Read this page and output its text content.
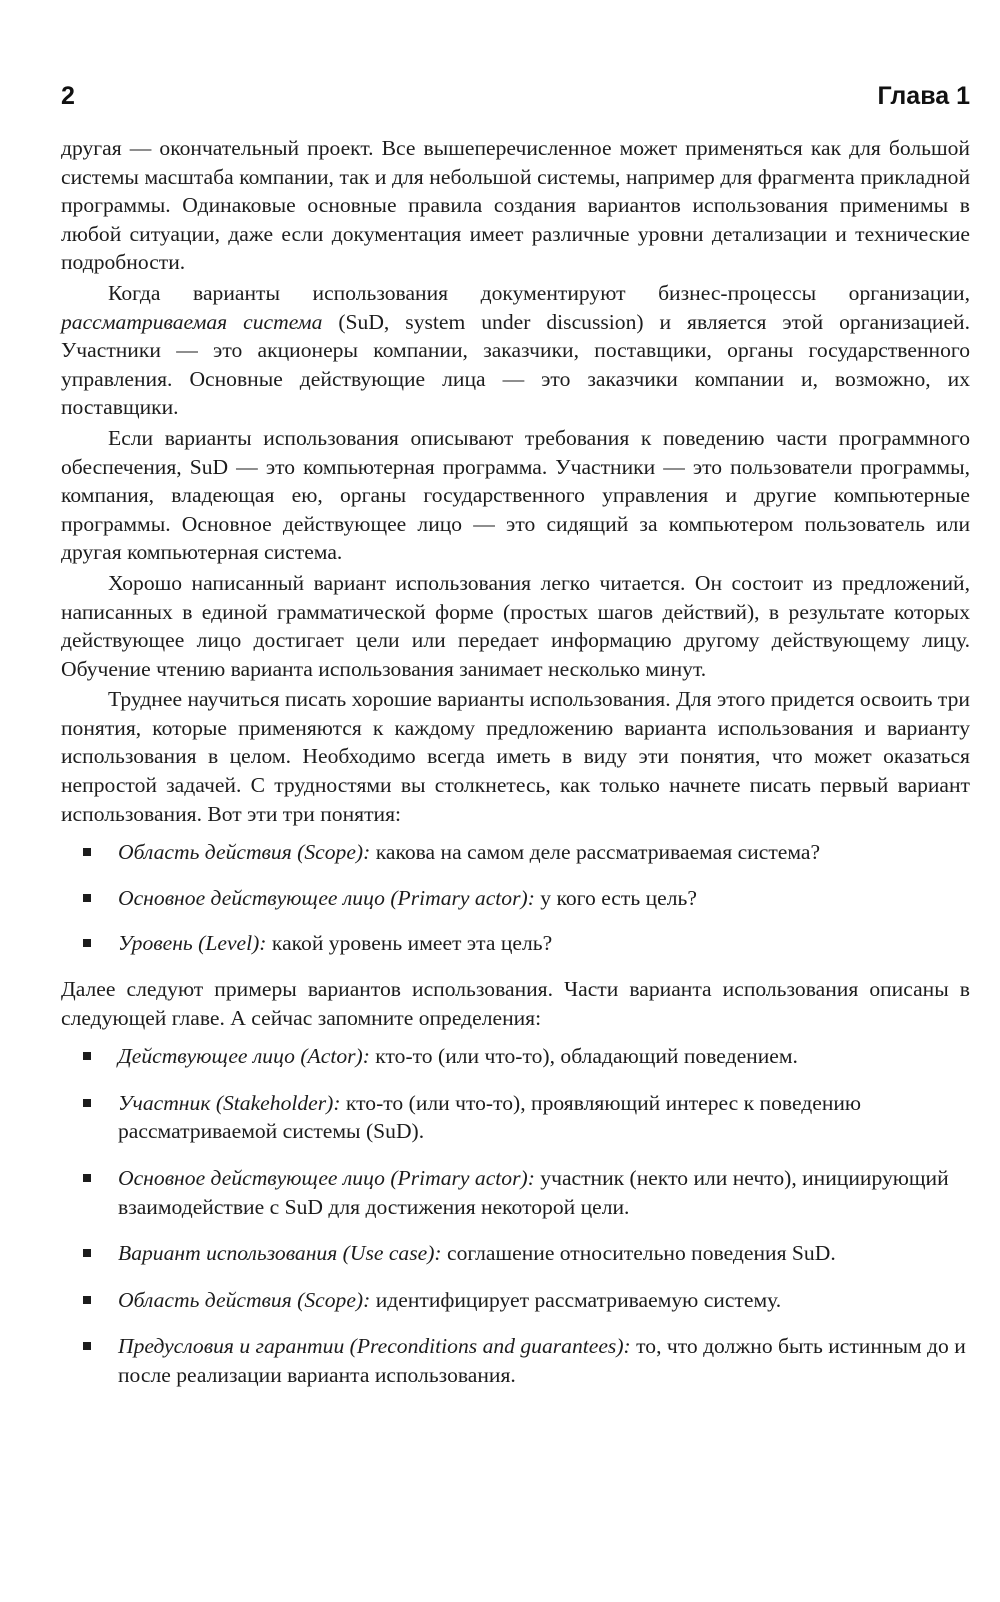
2	Глава 1

другая — окончательный проект. Все вышеперечисленное может применяться как для большой системы масштаба компании, так и для небольшой системы, например для фрагмента прикладной программы. Одинаковые основные правила создания вариантов использования применимы в любой ситуации, даже если документация имеет различные уровни детализации и технические подробности.

Когда варианты использования документируют бизнес-процессы организации, рассматриваемая система (SuD, system under discussion) и является этой организацией. Участники — это акционеры компании, заказчики, поставщики, органы государственного управления. Основные действующие лица — это заказчики компании и, возможно, их поставщики.

Если варианты использования описывают требования к поведению части программного обеспечения, SuD — это компьютерная программа. Участники — это пользователи программы, компания, владеющая ею, органы государственного управления и другие компьютерные программы. Основное действующее лицо — это сидящий за компьютером пользователь или другая компьютерная система.

Хорошо написанный вариант использования легко читается. Он состоит из предложений, написанных в единой грамматической форме (простых шагов действий), в результате которых действующее лицо достигает цели или передает информацию другому действующему лицу. Обучение чтению варианта использования занимает несколько минут.

Труднее научиться писать хорошие варианты использования. Для этого придется освоить три понятия, которые применяются к каждому предложению варианта использования и варианту использования в целом. Необходимо всегда иметь в виду эти понятия, что может оказаться непростой задачей. С трудностями вы столкнетесь, как только начнете писать первый вариант использования. Вот эти три понятия:

Область действия (Scope): какова на самом деле рассматриваемая система?
Основное действующее лицо (Primary actor): у кого есть цель?
Уровень (Level): какой уровень имеет эта цель?

Далее следуют примеры вариантов использования. Части варианта использования описаны в следующей главе. А сейчас запомните определения:

Действующее лицо (Actor): кто-то (или что-то), обладающий поведением.
Участник (Stakeholder): кто-то (или что-то), проявляющий интерес к поведению рассматриваемой системы (SuD).
Основное действующее лицо (Primary actor): участник (некто или нечто), инициирующий взаимодействие с SuD для достижения некоторой цели.
Вариант использования (Use case): соглашение относительно поведения SuD.
Область действия (Scope): идентифицирует рассматриваемую систему.
Предусловия и гарантии (Preconditions and guarantees): то, что должно быть истинным до и после реализации варианта использования.
